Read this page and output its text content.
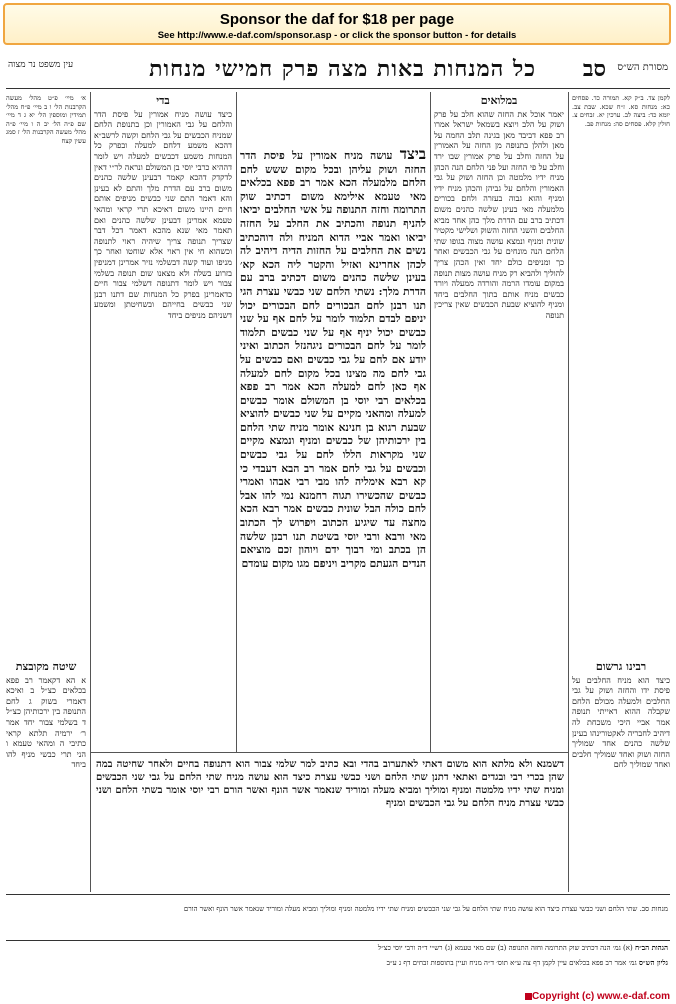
Sponsor the daf for $18 per page
See http://www.e-daf.com/sponsor.asp - or click the sponsor button - for details
מסורת הש״ס
כל המנחות באות מצה פרק חמישי מנחות סב
עין משפט נר מצוה

לקמן צד. ב״ק קא. תמורה כד. פסחים כא: מנחות סא. ז״ח שכא. שבת צב. יומא כד: ביצה לב. ערכין יא. זבחים צ. חולין קלא. פסחים סה: מנחות פב.

רבינו גרשום

כיצד הוא מניח החלבים על פיסת ידו והחזה ושוק על גבי החלבים ולמעלה מכולם הלחם שקבלה ההוא דאייתי תנופה אמר אביי היכי משכחת לה דיהיב לחבריה לאקטורינהו בעינן שלשה כהנים אחד שמוליך החזה ושוק ואחד שמוליך חלבים ואחד שמוליך לחם

במלואים

יאמר אוכל את החזה שהוא חלב על פרק ושוק על הלב ויוצא בשמאל ישראל אמרו רב פפא דביבד מאן בגינה תלב החמה על מאן ולהלן בתנופה מן החזה על האמורין על החזה וחלב על פרק אמורין שבו ירד וחלב על פי החזה ועל פני הלחם הנה הכהן מניח ידיו מלמטה וכן החזה ושוק על גבי האמורין והלחם על גביהן והכהן מניח ידיו ומניף והוא גבוה בעזרה ולחם בכורים מלמעלה מאי בעינן שלשה כהנים משום דכתיב ברב עם הדרת מלך כהן אחד מביא החלבים והשני החזה והשוק ושלישי מקטיר שונית ומניף ונמצא עושה מצוה בגופו שתי הלחם הנה מונחים על גבי הכבשים ואחר כך ומניפים כולם יחד ואין הכהן צריך להוליך ולהביא רק מניח עושה מצות תנופה במקום עומדו הרמה והורדה ממעלה ויורד כבשים מניח אותם בתוך החלבים ביחד ומניף להוציא שבעת הכבשים שאין צריכין תנופה

ביצד עושה מניח אמורין על פיסת הדר החזה ושוק עליהן ובכל מקום ששש לחם הלחם מלמעלה הכא אמר רב פפא בכלאים מאי טעמא אילימא משום דכתיב שוק התרומה וחזה התנופה על אשי החלבים יביאו להניף תנופה והכתיב את החלב על החזה יביאו ואמר אביי הדוא המניח ולה דוהכתיב נשים את החלבים על החזות הדיה דיהיב לה לכהן אחרינא ואזיל והקטר ליה הכא קא׳ בעינן שלשה כהנים משום דכתיב ברב עם הדרת מלך: נשתי הלחם שני כבשי עצרת הגי תנו רבנן לחם הבכורים לחם הבכורים יכול יניפם לבדם תלמוד לומר על לחם אף על שני כבשים יכול יניף אף על שני כבשים תלמוד לומר על לחם הבכורים ניגהנזל הכתוב ואיני יודע אם לחם על גבי כבשים ואם כבשים על גבי לחם מה מצינו בכל מקום לחם למעלה אף כאן לחם למעלה הכא אמר רב פפא בכלאים רבי יוסי בן המשולם אומר כבשים למעלה ומהאני מקיים על שני כבשים להוציא שבעת רגוא בן חנינא אומר מניח שתי הלחם בין ירכותיהן של כבשים ומניף ונמצא מקיים שני מקראות הללו לחם על גבי כבשים וכבשים על גבי לחם אמר רב הבא דעבדי כי קא רבא אימליה להו מבי רבי אבהו ואמרי כבשים שהכשירו תגוה רחמנא נמי להו אבל לחם כולה הבל שונית כבשים אמר רבא הכא מחצה עד שיגיע הכתוב ויפרוש לך הכתוב מאי ורבא ורבי יוסי בשיטת תנו רבנן שלשה הן בכתב ומי רבוך ידם ויוהון זכם מוציאם הנדים הגעתם מקריב ויניפם מגו מקום עומדם

בדי

כיצד עושה מניח אמורין על פיסת הדר והלחם על גבי האמורין וכן בתנופת הלחם שמניח הכבשים על גבי הלחם וקשה לרשב״א דהכא משמע דלחם למעלה ובפרק כל המנחות משמע דכבשים למעלה ויש לומר דההיא כרבי יוסי בן המשולם ונראה לר״י דאין לדקדק דהכא קאמר דבעינן שלשה כהנים משום ברב עם הדרת מלך והתם לא בעינן והא דאמר התם שני כבשים מניפים אותם חיים היינו משום דאיכא תרי קראי ומהאי טעמא אמרינן דבעינן שלשה כהנים ואם תאמר מאי שנא מהכא דאמר דכל דבר שצריך תנופה צריך שיהיה ראוי לתנופה וכשהוא חי אין ראוי אלא שוחטו ואחר כך מניפו ועוד קשה דבשלמי נזיר אמרינן דמניפין בזרוע בשלה ולא מצאנו שום תנופה בשלמי צבור ויש לומר דתנופה דשלמי צבור חיים כדאמרינן בפרק כל המנחות שם דתנו רבנן שני כבשים בחייהם ובשחיטתן ומשמע דשניהם מניפים ביחד

א׳ מיי׳ פ״ט מהל׳ מעשה הקרבנות הל׳ ו ב מיי׳ פ״ח מהל׳ תמידין ומוספין הל׳ יא ג ד מיי׳ שם פ״ה הל׳ יב ה ו מיי׳ פ״ה מהל׳ מעשה הקרבנות הל׳ ז סמג עשין קצח

שיטה מקובצת

א הא דקאמר רב פפא בכלאים כצ״ל ב ואיכא דאמרי בשוק ג לחם התנופה בין ירכותיהן כצ״ל ד בשלמי צבור יחד אמר ר׳ ירמיה תלתא קראי כתיבי ה ומהאי טעמא ו הני תרי כבשי מניף להו ביחד דשמנא ולא מלתא הוא משום דאתי לאתערוב בהדי ובא כתיב למר שלמי צבור הוא דתנופה בחיים ולאחר שחיטה במה שהן בכרי רבי ובגדים ואתאי דתנן שתי הלחם ושני כבשי עצרת כיצד הוא עושה מניח שתי הלחם על גבי שני הכבשים ומניח שתי ידיו מלמטה ומניף ומוליך ומביא מעלה ומוריד שנאמר אשר הונף ואשר הורם רבי יוסי אומר בשתי הלחם ושני כבשי עצרת מניח הלחם על גבי הכבשים ומניף

מנחות סב. שתי הלחם ושני כבשי עצרת כיצד הוא עושה מניח שתי הלחם על גבי שני הכבשים ומניח שתי ידיו מלמטה ומניף ומוליך ומביא מעלה ומוריד שנאמר אשר הונף ואשר הורם

הגהות הב״ח (א) גמ׳ הנה דכתיב שוק התרומה וחזה התנופה (ב) שם מאי טעמא (ג) רש״י ד״ה ורבי יוסי כצ״ל
גליון הש״ס גמ׳ אמר רב פפא בכלאים עיין לקמן דף צה ע״א תוס׳ ד״ה מניח ועיין בתוספות זבחים דף נ ע״ב
Copyright (c) www.e-daf.com
